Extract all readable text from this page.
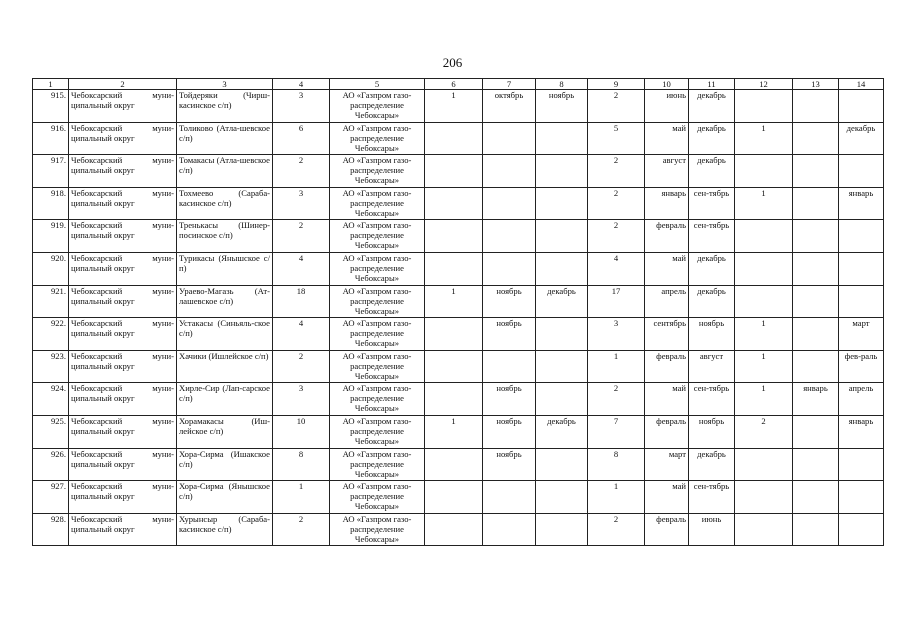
206
1	2	3	4	5	6	7	8	9	10	11	12	13	14
915.	Чебоксарский муни-ципальный округ	Тойдеряки (Чирш-касинское с/п)	3	АО «Газпром газо-распределение Чебоксары»	1	октябрь	ноябрь	2	июнь	декабрь			
916.	Чебоксарский муни-ципальный округ	Толиково (Атла-шевское с/п)	6	АО «Газпром газо-распределение Чебоксары»				5	май	декабрь	1		декабрь
917.	Чебоксарский муни-ципальный округ	Томакасы (Атла-шевское с/п)	2	АО «Газпром газо-распределение Чебоксары»				2	август	декабрь			
918.	Чебоксарский муни-ципальный округ	Тохмеево (Сараба-касинское с/п)	3	АО «Газпром газо-распределение Чебоксары»				2	январь	сен-тябрь	1		январь
919.	Чебоксарский муни-ципальный округ	Тренькасы (Шинер-посинское с/п)	2	АО «Газпром газо-распределение Чебоксары»				2	февраль	сен-тябрь			
920.	Чебоксарский муни-ципальный округ	Турикасы (Янышское с/п)	4	АО «Газпром газо-распределение Чебоксары»				4	май	декабрь			
921.	Чебоксарский муни-ципальный округ	Ураево-Магазь (Ат-лашевское с/п)	18	АО «Газпром газо-распределение Чебоксары»	1	ноябрь	декабрь	17	апрель	декабрь			
922.	Чебоксарский муни-ципальный округ	Устакасы (Синьяль-ское с/п)	4	АО «Газпром газо-распределение Чебоксары»		ноябрь		3	сентябрь	ноябрь	1		март
923.	Чебоксарский муни-ципальный округ	Хачики (Ишлейское с/п)	2	АО «Газпром газо-распределение Чебоксары»				1	февраль	август	1		фев-раль
924.	Чебоксарский муни-ципальный округ	Хирле-Сир (Лап-сарское с/п)	3	АО «Газпром газо-распределение Чебоксары»		ноябрь		2	май	сен-тябрь	1	январь	апрель
925.	Чебоксарский муни-ципальный округ	Хорамакасы (Иш-лейское с/п)	10	АО «Газпром газо-распределение Чебоксары»	1	ноябрь	декабрь	7	февраль	ноябрь	2		январь
926.	Чебоксарский муни-ципальный округ	Хора-Сирма (Ишакское с/п)	8	АО «Газпром газо-распределение Чебоксары»		ноябрь		8	март	декабрь			
927.	Чебоксарский муни-ципальный округ	Хора-Сирма (Янышское с/п)	1	АО «Газпром газо-распределение Чебоксары»				1	май	сен-тябрь			
928.	Чебоксарский муни-ципальный округ	Хурынсыр (Сараба-касинское с/п)	2	АО «Газпром газо-распределение Чебоксары»				2	февраль	июнь			
